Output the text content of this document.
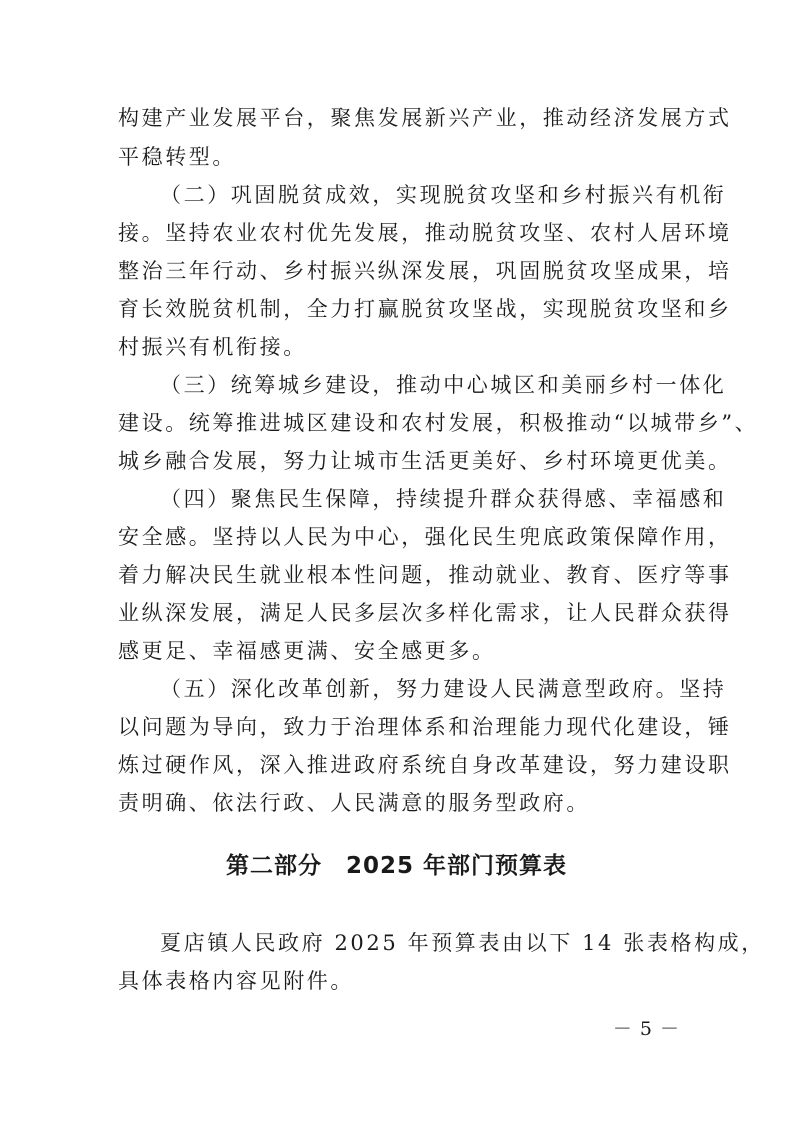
构建产业发展平台，聚焦发展新兴产业，推动经济发展方式
平稳转型。
（二）巩固脱贫成效，实现脱贫攻坚和乡村振兴有机衔
接。坚持农业农村优先发展，推动脱贫攻坚、农村人居环境
整治三年行动、乡村振兴纵深发展，巩固脱贫攻坚成果，培
育长效脱贫机制，全力打赢脱贫攻坚战，实现脱贫攻坚和乡
村振兴有机衔接。
（三）统筹城乡建设，推动中心城区和美丽乡村一体化
建设。统筹推进城区建设和农村发展，积极推动“以城带乡”、
城乡融合发展，努力让城市生活更美好、乡村环境更优美。
（四）聚焦民生保障，持续提升群众获得感、幸福感和
安全感。坚持以人民为中心，强化民生兜底政策保障作用，
着力解决民生就业根本性问题，推动就业、教育、医疗等事
业纵深发展，满足人民多层次多样化需求，让人民群众获得
感更足、幸福感更满、安全感更多。
（五）深化改革创新，努力建设人民满意型政府。坚持
以问题为导向，致力于治理体系和治理能力现代化建设，锤
炼过硬作风，深入推进政府系统自身改革建设，努力建设职
责明确、依法行政、人民满意的服务型政府。
第二部分　2025 年部门预算表
夏店镇人民政府 2025 年预算表由以下 14 张表格构成，
具体表格内容见附件。
－ 5 －
